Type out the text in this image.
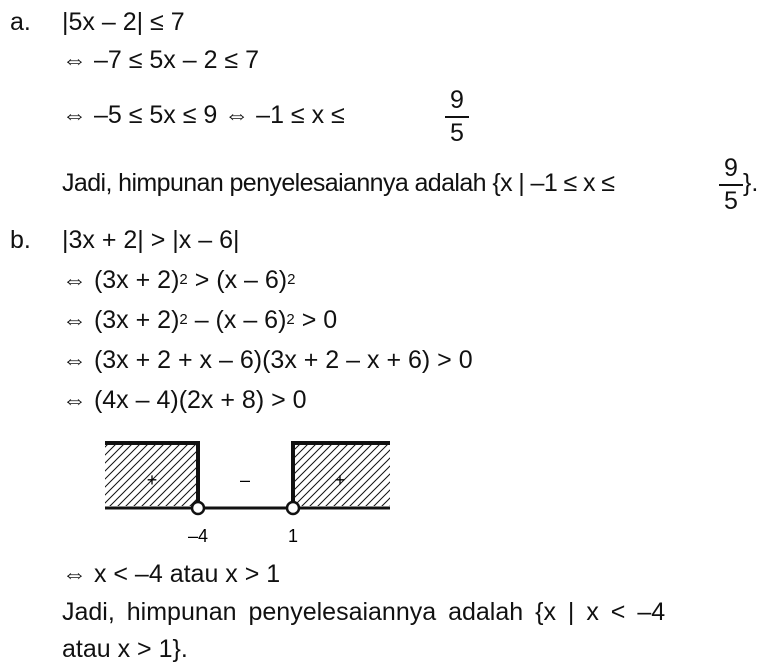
a. |5x – 2| ≤ 7
⇔ –7 ≤ 5x – 2 ≤ 7
⇔ –5 ≤ 5x ≤ 9 ⇔ –1 ≤ x ≤
9
5
Jadi, himpunan penyelesaiannya adalah {x | –1 ≤ x ≤
9
5
}.
b. |3x + 2| > |x – 6|
⇔ $(3x + 2)^2 > (x - 6)^2$
⇔ $(3x + 2)^2 - (x - 6)^2 > 0$
⇔ (3x + 2 + x – 6)(3x + 2 – x + 6) > 0
⇔ (4x – 4)(2x + 8) > 0
+	–	+
–4	1
⇔ x < –4 atau x > 1
Jadi, himpunan penyelesaiannya adalah {x | x < –4
atau x > 1}.
